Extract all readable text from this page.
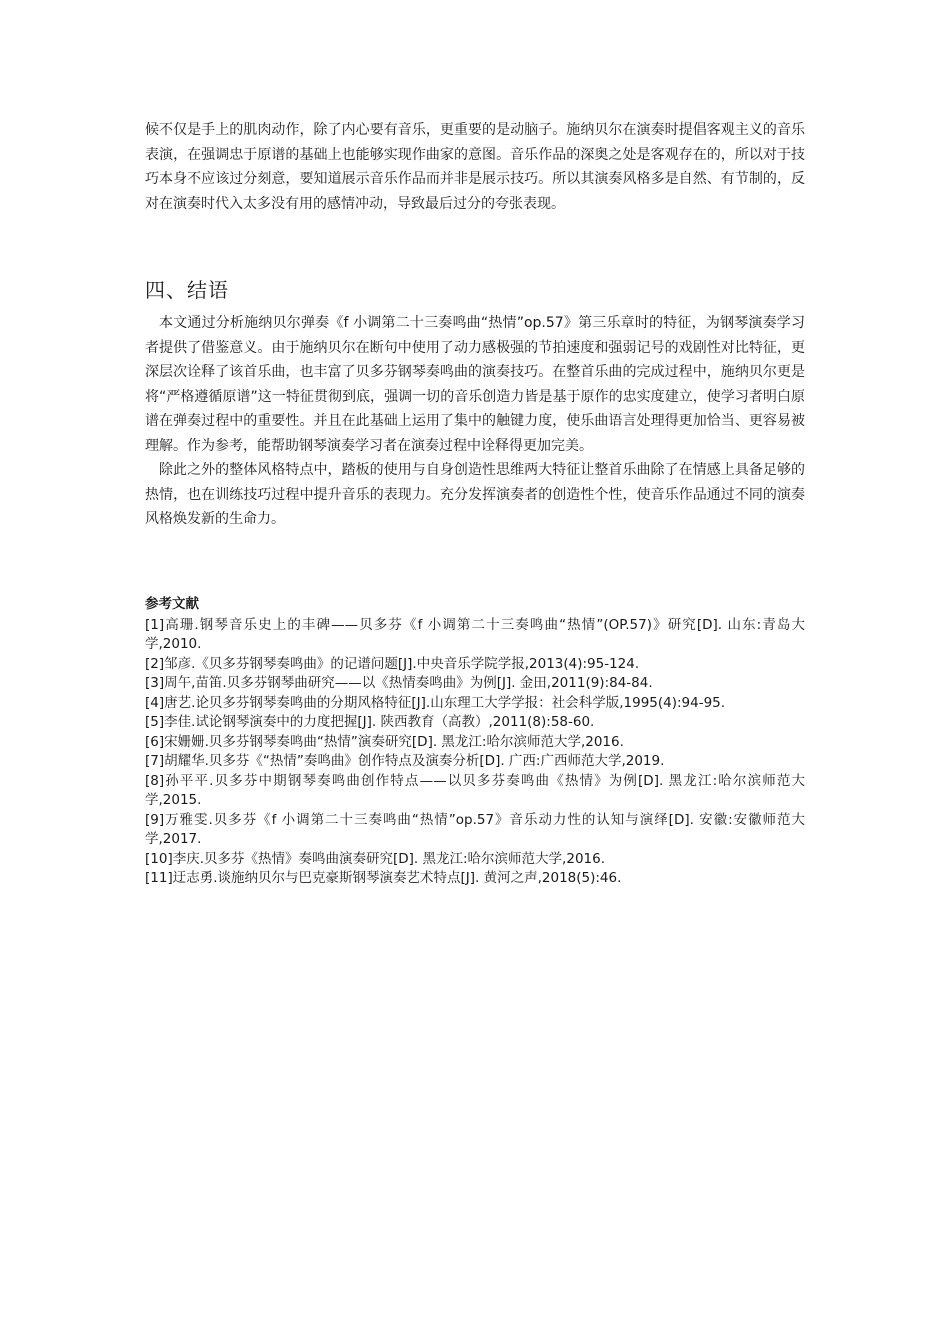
候不仅是手上的肌肉动作，除了内心要有音乐，更重要的是动脑子。施纳贝尔在演奏时提倡客观主义的音乐表演，在强调忠于原谱的基础上也能够实现作曲家的意图。音乐作品的深奥之处是客观存在的，所以对于技巧本身不应该过分刻意，要知道展示音乐作品而并非是展示技巧。所以其演奏风格多是自然、有节制的，反对在演奏时代入太多没有用的感情冲动，导致最后过分的夸张表现。

四、结语

本文通过分析施纳贝尔弹奏《f 小调第二十三奏鸣曲“热情”op.57》第三乐章时的特征，为钢琴演奏学习者提供了借鉴意义。由于施纳贝尔在断句中使用了动力感极强的节拍速度和强弱记号的戏剧性对比特征，更深层次诠释了该首乐曲，也丰富了贝多芬钢琴奏鸣曲的演奏技巧。在整首乐曲的完成过程中，施纳贝尔更是将“严格遵循原谱”这一特征贯彻到底，强调一切的音乐创造力皆是基于原作的忠实度建立，使学习者明白原谱在弹奏过程中的重要性。并且在此基础上运用了集中的触键力度，使乐曲语言处理得更加恰当、更容易被理解。作为参考，能帮助钢琴演奏学习者在演奏过程中诠释得更加完美。

除此之外的整体风格特点中，踏板的使用与自身创造性思维两大特征让整首乐曲除了在情感上具备足够的热情，也在训练技巧过程中提升音乐的表现力。充分发挥演奏者的创造性个性，使音乐作品通过不同的演奏风格焕发新的生命力。

参考文献
[1]高珊.钢琴音乐史上的丰碑——贝多芬《f 小调第二十三奏鸣曲“热情”(OP.57)》研究[D]. 山东:青岛大学,2010.
[2]邹彦.《贝多芬钢琴奏鸣曲》的记谱问题[J].中央音乐学院学报,2013(4):95-124.
[3]周午,苗笛.贝多芬钢琴曲研究——以《热情奏鸣曲》为例[J]. 金田,2011(9):84-84.
[4]唐艺.论贝多芬钢琴奏鸣曲的分期风格特征[J].山东理工大学学报：社会科学版,1995(4):94-95.
[5]李佳.试论钢琴演奏中的力度把握[J]. 陕西教育（高教）,2011(8):58-60.
[6]宋姗姗.贝多芬钢琴奏鸣曲“热情”演奏研究[D]. 黑龙江:哈尔滨师范大学,2016.
[7]胡耀华.贝多芬《“热情”奏鸣曲》创作特点及演奏分析[D]. 广西:广西师范大学,2019.
[8]孙平平.贝多芬中期钢琴奏鸣曲创作特点——以贝多芬奏鸣曲《热情》为例[D]. 黑龙江:哈尔滨师范大学,2015.
[9]万雅雯.贝多芬《f 小调第二十三奏鸣曲“热情”op.57》音乐动力性的认知与演绎[D]. 安徽:安徽师范大学,2017.
[10]李庆.贝多芬《热情》奏鸣曲演奏研究[D]. 黑龙江:哈尔滨师范大学,2016.
[11]迂志勇.谈施纳贝尔与巴克豪斯钢琴演奏艺术特点[J]. 黄河之声,2018(5):46.
